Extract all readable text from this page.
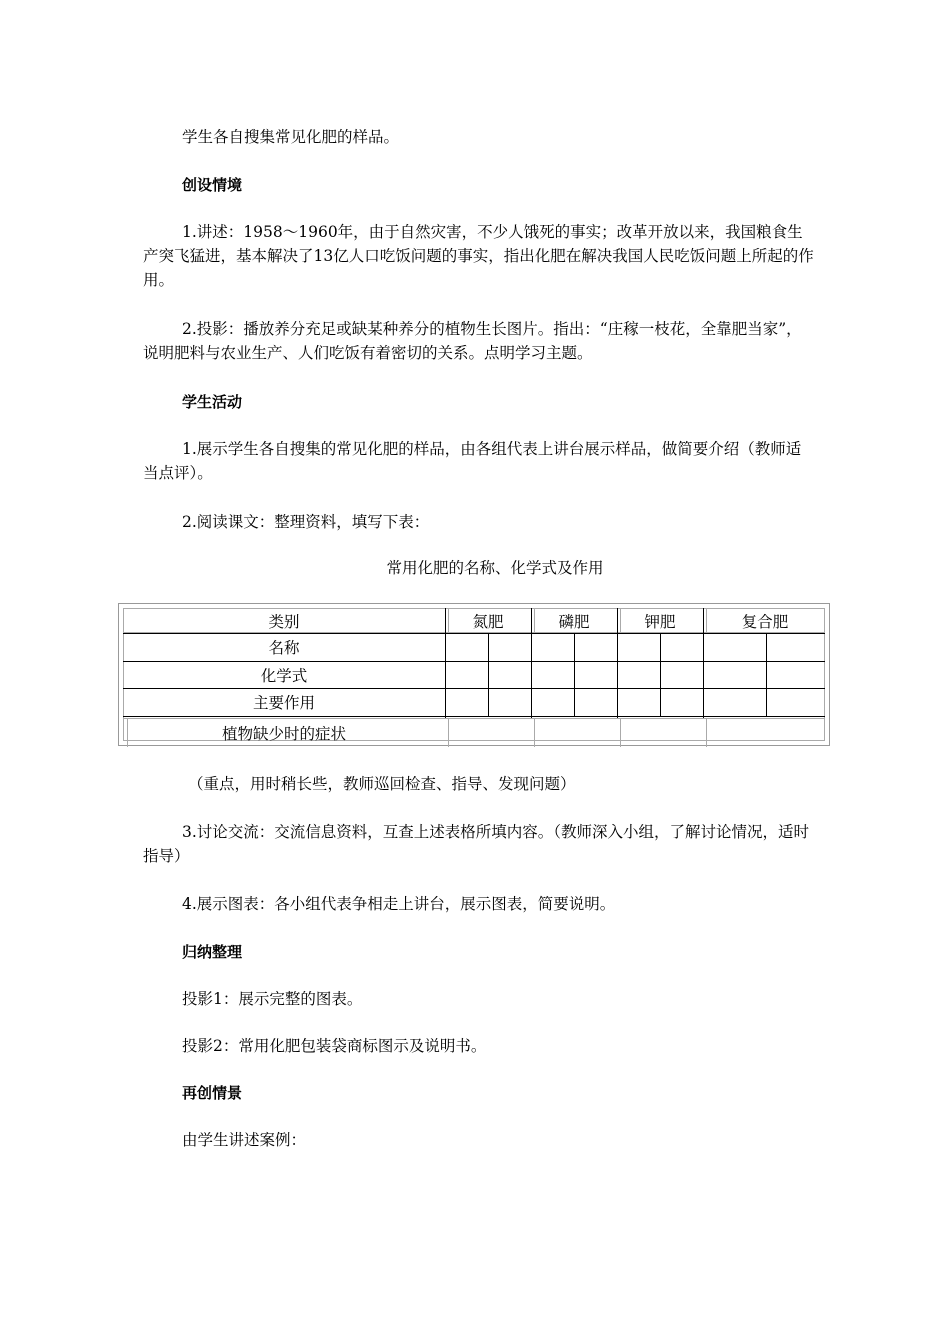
学生各自搜集常见化肥的样品。

创设情境

1.讲述：1958～1960年，由于自然灾害，不少人饿死的事实；改革开放以来，我国粮食生产突飞猛进，基本解决了13亿人口吃饭问题的事实，指出化肥在解决我国人民吃饭问题上所起的作用。

2.投影：播放养分充足或缺某种养分的植物生长图片。指出：“庄稼一枝花，全靠肥当家”，说明肥料与农业生产、人们吃饭有着密切的关系。点明学习主题。

学生活动

1.展示学生各自搜集的常见化肥的样品，由各组代表上讲台展示样品，做简要介绍（教师适当点评）。

2.阅读课文：整理资料，填写下表：

常用化肥的名称、化学式及作用
类别	氮肥	磷肥	钾肥	复合肥
名称
化学式
主要作用
植物缺少时的症状

（重点，用时稍长些，教师巡回检查、指导、发现问题）

3.讨论交流：交流信息资料，互查上述表格所填内容。（教师深入小组，了解讨论情况，适时指导）

4.展示图表：各小组代表争相走上讲台，展示图表，简要说明。

归纳整理

投影1：展示完整的图表。

投影2：常用化肥包装袋商标图示及说明书。

再创情景

由学生讲述案例：
